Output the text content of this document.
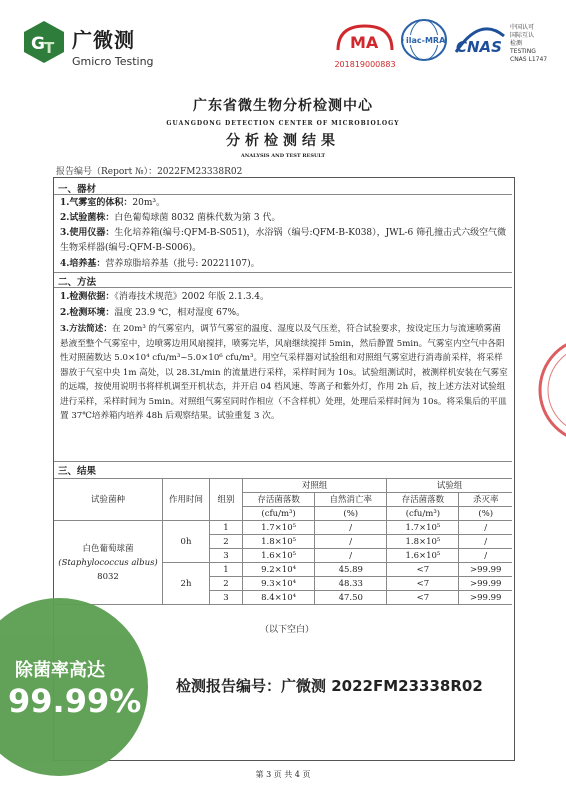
G T 广微测
Gmicro Testing
MA
201819000883
ilac-MRA CNAS
中国认可
国际互认
检测
TESTING
CNAS L1747
广东省微生物分析检测中心
GUANGDONG DETECTION CENTER OF MICROBIOLOGY
分析检测结果
ANALYSIS AND TEST RESULT
报告编号（Report №）：2022FM23338R02
一、器材
1.气雾室的体积：20m³。
2.试验菌株：白色葡萄球菌 8032 菌株代数为第 3 代。
3.使用仪器：生化培养箱(编号:QFM-B-S051)，水浴锅（编号:QFM-B-K038），JWL-6 筛孔撞击式六级空气微生物采样器(编号:QFM-B-S006)。
4.培养基：营养琼脂培养基（批号: 20221107)。
二、方法
1.检测依据：《消毒技术规范》2002 年版 2.1.3.4。
2.检测环境：温度 23.9 ℃，相对湿度 67%。
3.方法简述：在 20m³ 的气雾室内，调节气雾室的温度、湿度以及气压差，符合试验要求，按设定压力与流速喷雾菌悬液至整个气雾室中，边喷雾边用风扇搅拌，喷雾完毕，风扇继续搅拌 5min，然后静置 5min。气雾室内空气中各阳性对照菌数达 5.0×10⁴ cfu/m³~5.0×10⁶ cfu/m³。用空气采样器对试验组和对照组气雾室进行消毒前采样，将采样器放于气室中央 1m 高处，以 28.3L/min 的流量进行采样，采样时间为 10s。试验组测试时，被测样机安装在气雾室的远端，按使用说明书将样机调至开机状态，并开启 04 档风速、等离子和紫外灯，作用 2h 后，按上述方法对试验组进行采样，采样时间为 5min。对照组气雾室同时作相应（不含样机）处理，处理后采样时间为 10s。将采集后的平皿置 37℃培养箱内培养 48h 后观察结果。试验重复 3 次。
三、结果
试验菌种	作用时间	组别	对照组		试验组	
			存活菌落数	自然消亡率	存活菌落数	杀灭率
			(cfu/m³)	(%)	(cfu/m³)	(%)

白色葡萄球菌
(Staphylococcus albus)
8032	0h	1	1.7×10⁵	/	1.7×10⁵	/
		2	1.8×10⁵	/	1.8×10⁵	/
		3	1.6×10⁵	/	1.6×10⁵	/
	2h	1	9.2×10⁴	45.89	<7	>99.99
		2	9.3×10⁴	48.33	<7	>99.99
		3	8.4×10⁴	47.50	<7	>99.99
（以下空白）
除菌率高达
99.99% 检测报告编号：广微测 2022FM23338R02
第 3 页 共 4 页
